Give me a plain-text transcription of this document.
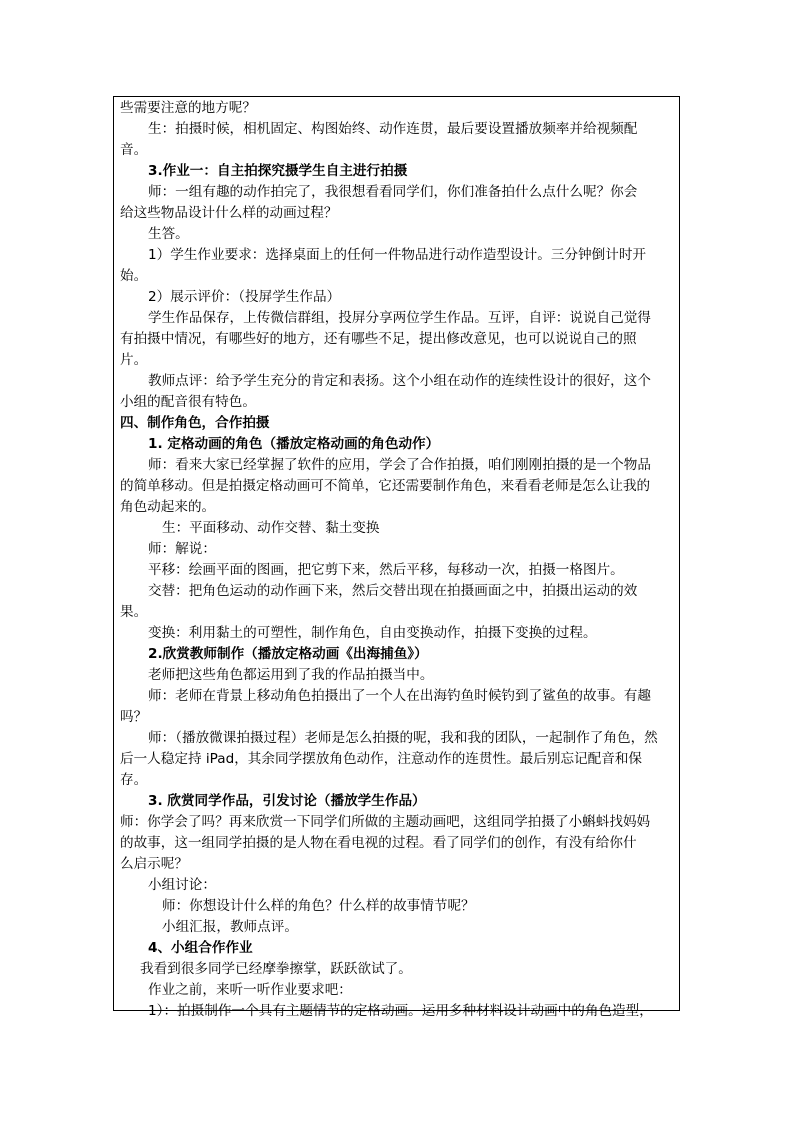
些需要注意的地方呢？
生：拍摄时候，相机固定、构图始终、动作连贯，最后要设置播放频率并给视频配
音。
3.作业一：自主拍探究摄学生自主进行拍摄
师：一组有趣的动作拍完了，我很想看看同学们，你们准备拍什么点什么呢？你会
给这些物品设计什么样的动画过程？
生答。
1）学生作业要求：选择桌面上的任何一件物品进行动作造型设计。三分钟倒计时开
始。
2）展示评价：（投屏学生作品）
学生作品保存，上传微信群组，投屏分享两位学生作品。互评，自评：说说自己觉得
有拍摄中情况，有哪些好的地方，还有哪些不足，提出修改意见，也可以说说自己的照
片。
教师点评：给予学生充分的肯定和表扬。这个小组在动作的连续性设计的很好，这个
小组的配音很有特色。
四、制作角色，合作拍摄
1. 定格动画的角色（播放定格动画的角色动作）
师：看来大家已经掌握了软件的应用，学会了合作拍摄，咱们刚刚拍摄的是一个物品
的简单移动。但是拍摄定格动画可不简单，它还需要制作角色，来看看老师是怎么让我的
角色动起来的。
生：平面移动、动作交替、黏土变换
师：解说：
平移：绘画平面的图画，把它剪下来，然后平移，每移动一次，拍摄一格图片。
交替：把角色运动的动作画下来，然后交替出现在拍摄画面之中，拍摄出运动的效
果。
变换：利用黏土的可塑性，制作角色，自由变换动作，拍摄下变换的过程。
2.欣赏教师制作（播放定格动画《出海捕鱼》）
老师把这些角色都运用到了我的作品拍摄当中。
师：老师在背景上移动角色拍摄出了一个人在出海钓鱼时候钓到了鲨鱼的故事。有趣
吗？
师：（播放微课拍摄过程）老师是怎么拍摄的呢，我和我的团队，一起制作了角色，然
后一人稳定持 iPad，其余同学摆放角色动作，注意动作的连贯性。最后别忘记配音和保
存。
3. 欣赏同学作品，引发讨论（播放学生作品）
师：你学会了吗？再来欣赏一下同学们所做的主题动画吧，这组同学拍摄了小蝌蚪找妈妈
的故事，这一组同学拍摄的是人物在看电视的过程。看了同学们的创作，有没有给你什
么启示呢？
小组讨论：
师：你想设计什么样的角色？什么样的故事情节呢？
小组汇报，教师点评。
4、小组合作作业
我看到很多同学已经摩拳擦掌，跃跃欲试了。
作业之前，来听一听作业要求吧：
1）：拍摄制作一个具有主题情节的定格动画。运用多种材料设计动画中的角色造型，
